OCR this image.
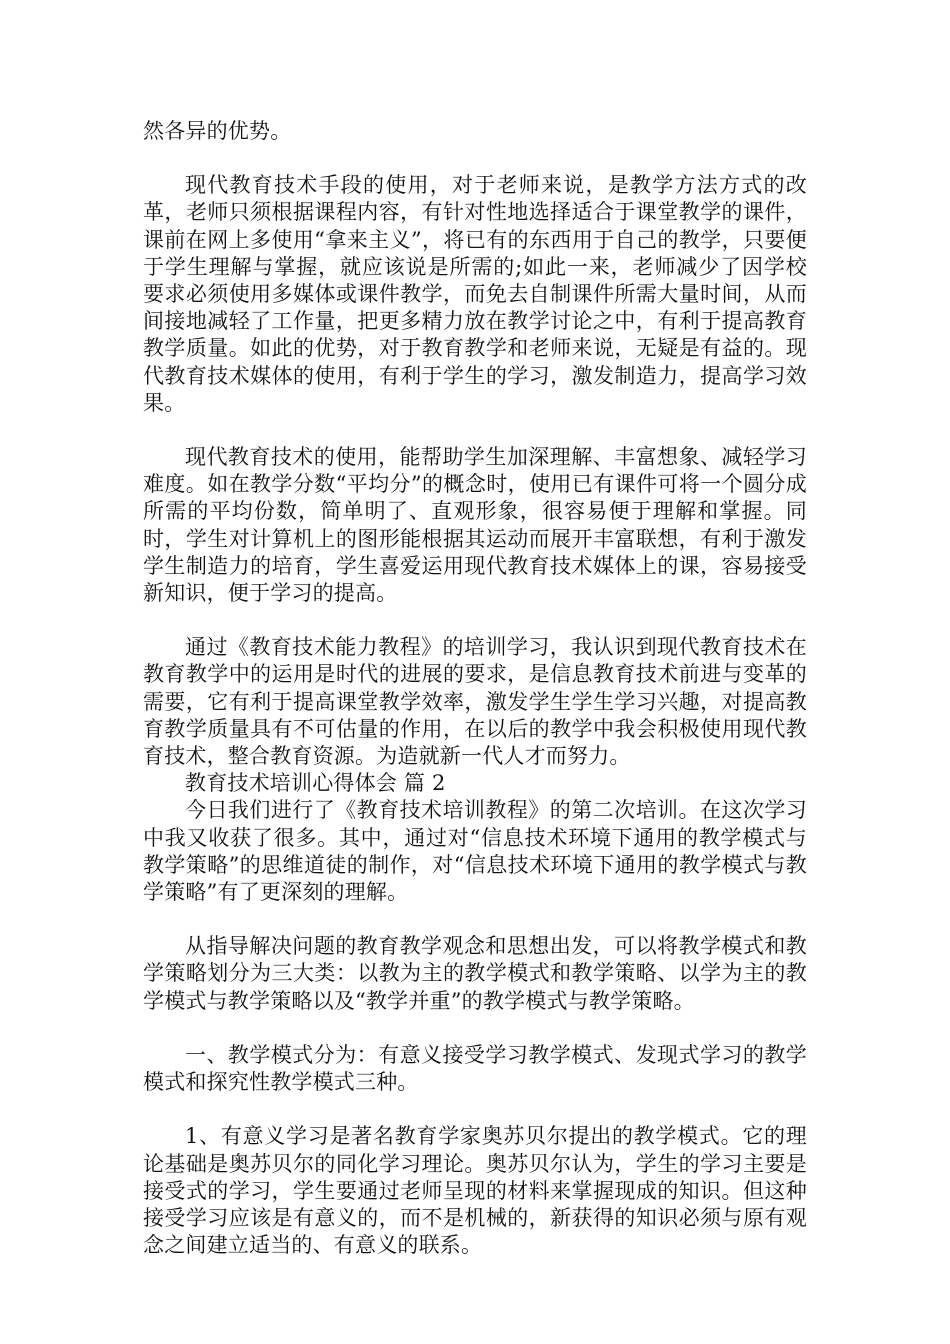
然各异的优势。

现代教育技术手段的使用，对于老师来说，是教学方法方式的改革，老师只须根据课程内容，有针对性地选择适合于课堂教学的课件，课前在网上多使用“拿来主义”，将已有的东西用于自己的教学，只要便于学生理解与掌握，就应该说是所需的;如此一来，老师减少了因学校要求必须使用多媒体或课件教学，而免去自制课件所需大量时间，从而间接地减轻了工作量，把更多精力放在教学讨论之中，有利于提高教育教学质量。如此的优势，对于教育教学和老师来说，无疑是有益的。现代教育技术媒体的使用，有利于学生的学习，激发制造力，提高学习效果。

现代教育技术的使用，能帮助学生加深理解、丰富想象、减轻学习难度。如在教学分数“平均分”的概念时，使用已有课件可将一个圆分成所需的平均份数，简单明了、直观形象，很容易便于理解和掌握。同时，学生对计算机上的图形能根据其运动而展开丰富联想，有利于激发学生制造力的培育，学生喜爱运用现代教育技术媒体上的课，容易接受新知识，便于学习的提高。

通过《教育技术能力教程》的培训学习，我认识到现代教育技术在教育教学中的运用是时代的进展的要求，是信息教育技术前进与变革的需要，它有利于提高课堂教学效率，激发学生学生学习兴趣，对提高教育教学质量具有不可估量的作用，在以后的教学中我会积极使用现代教育技术，整合教育资源。为造就新一代人才而努力。

教育技术培训心得体会 篇 2

今日我们进行了《教育技术培训教程》的第二次培训。在这次学习中我又收获了很多。其中，通过对“信息技术环境下通用的教学模式与教学策略”的思维道徒的制作，对“信息技术环境下通用的教学模式与教学策略”有了更深刻的理解。

从指导解决问题的教育教学观念和思想出发，可以将教学模式和教学策略划分为三大类：以教为主的教学模式和教学策略、以学为主的教学模式与教学策略以及“教学并重”的教学模式与教学策略。

一、教学模式分为：有意义接受学习教学模式、发现式学习的教学模式和探究性教学模式三种。

1、有意义学习是著名教育学家奥苏贝尔提出的教学模式。它的理论基础是奥苏贝尔的同化学习理论。奥苏贝尔认为，学生的学习主要是接受式的学习，学生要通过老师呈现的材料来掌握现成的知识。但这种接受学习应该是有意义的，而不是机械的，新获得的知识必须与原有观念之间建立适当的、有意义的联系。
